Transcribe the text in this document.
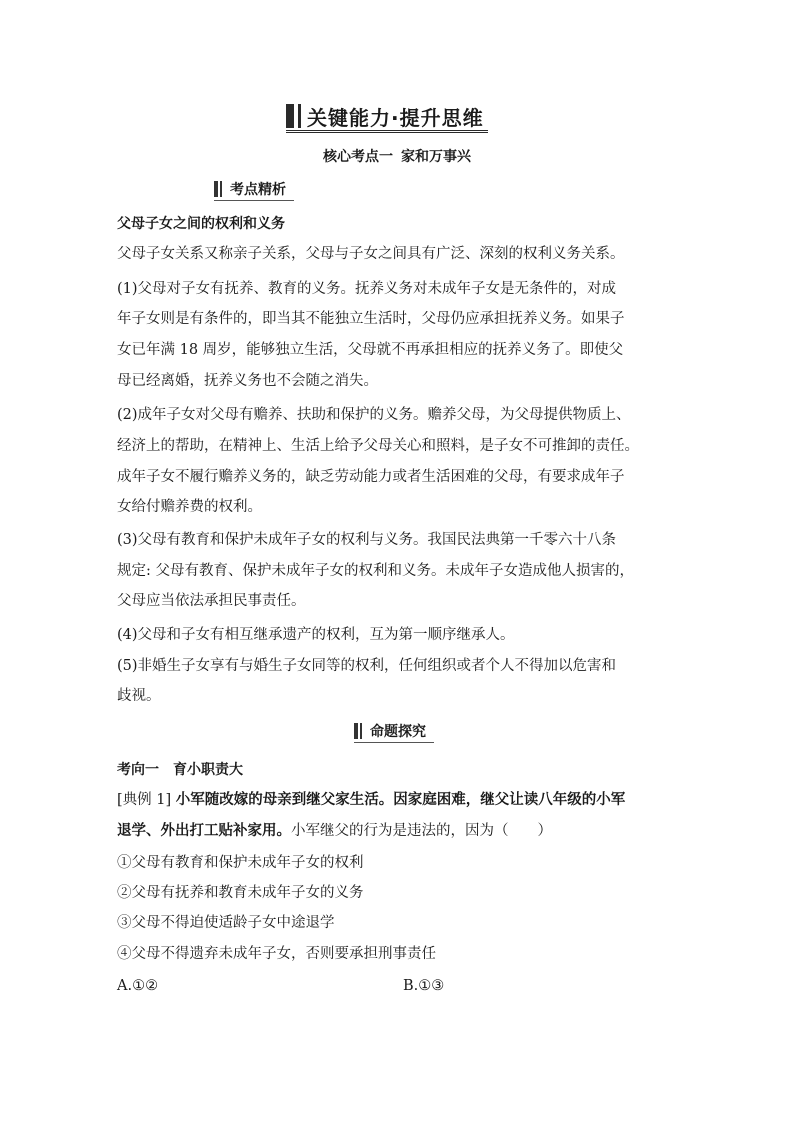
关键能力·提升思维
核心考点一 家和万事兴
考点精析
父母子女之间的权利和义务
父母子女关系又称亲子关系，父母与子女之间具有广泛、深刻的权利义务关系。
(1)父母对子女有抚养、教育的义务。抚养义务对未成年子女是无条件的，对成
年子女则是有条件的，即当其不能独立生活时，父母仍应承担抚养义务。如果子
女已年满 18 周岁，能够独立生活，父母就不再承担相应的抚养义务了。即使父
母已经离婚，抚养义务也不会随之消失。
(2)成年子女对父母有赡养、扶助和保护的义务。赡养父母，为父母提供物质上、
经济上的帮助，在精神上、生活上给予父母关心和照料，是子女不可推卸的责任。
成年子女不履行赡养义务的，缺乏劳动能力或者生活困难的父母，有要求成年子
女给付赡养费的权利。
(3)父母有教育和保护未成年子女的权利与义务。我国民法典第一千零六十八条
规定: 父母有教育、保护未成年子女的权利和义务。未成年子女造成他人损害的，
父母应当依法承担民事责任。
(4)父母和子女有相互继承遗产的权利，互为第一顺序继承人。
(5)非婚生子女享有与婚生子女同等的权利，任何组织或者个人不得加以危害和
歧视。
命题探究
考向一　育小职责大
[典例 1] 小军随改嫁的母亲到继父家生活。因家庭困难，继父让读八年级的小军
退学、外出打工贴补家用。小军继父的行为是违法的，因为（　　）
①父母有教育和保护未成年子女的权利
②父母有抚养和教育未成年子女的义务
③父母不得迫使适龄子女中途退学
④父母不得遗弃未成年子女，否则要承担刑事责任
A.①②	B.①③
